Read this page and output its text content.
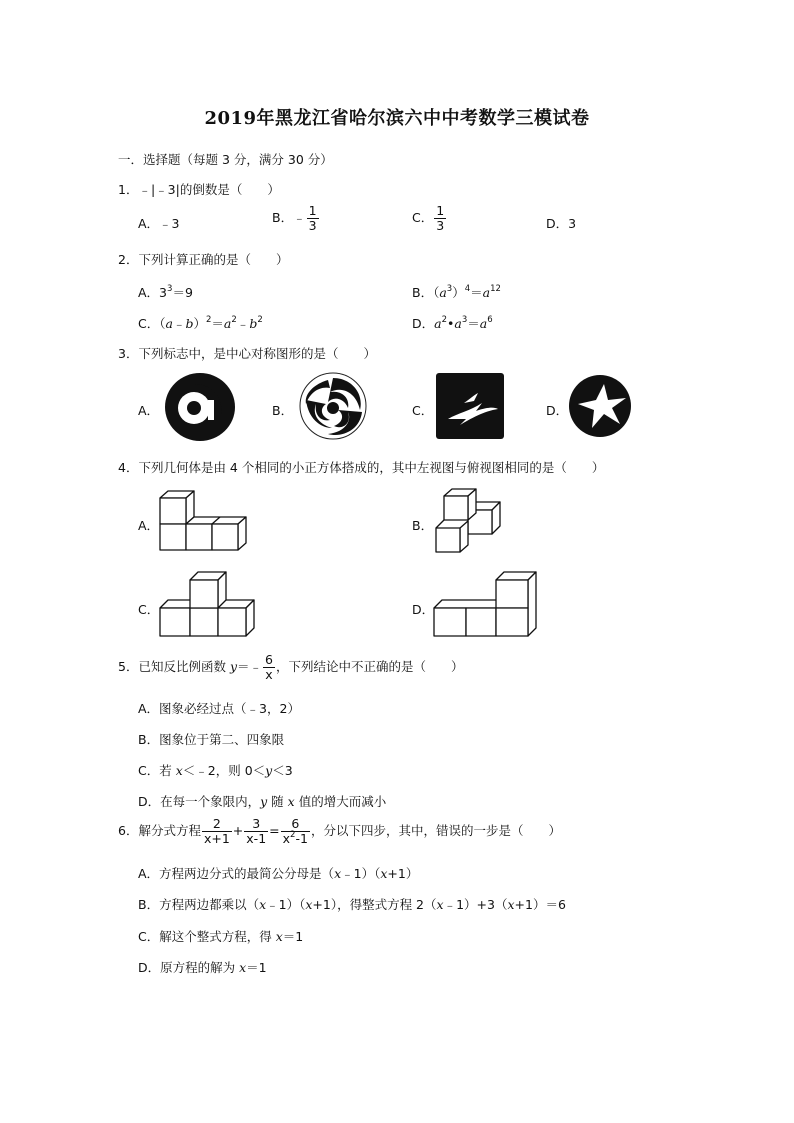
2019年黑龙江省哈尔滨六中中考数学三模试卷
一．选择题（每题 3 分，满分 30 分）
1．﹣|﹣3|的倒数是（　　）
A．﹣3	B．﹣ $\frac{1}{3}$	C． $\frac{1}{3}$	D．3
2．下列计算正确的是（　　）
A．$3^3=9$	B．$(a^3)^4=a^{12}$
C．$(a﹣b)^2=a^2﹣b^2$	D．$a^2•a^3=a^6$
3．下列标志中，是中心对称图形的是（　　）
A．	B．	C．	D．
4．下列几何体是由 4 个相同的小正方体搭成的，其中左视图与俯视图相同的是（　　）
A．	B．
C．	D．
5．已知反比例函数 y＝﹣ $\frac{6}{x}$ ，下列结论中不正确的是（　　）
A．图象必经过点（﹣3，2）
B．图象位于第二、四象限
C．若 x＜﹣2，则 0＜y＜3
D．在每一个象限内，y 随 x 值的增大而减小
6．解分式方程 $\frac{2}{x+1} + \frac{3}{x-1} = \frac{6}{x^2-1}$ ，分以下四步，其中，错误的一步是（　　）
A．方程两边分式的最简公分母是（x﹣1）（x+1）
B．方程两边都乘以（x﹣1）（x+1），得整式方程 2（x﹣1）+3（x+1）＝6
C．解这个整式方程，得 x＝1
D．原方程的解为 x＝1
